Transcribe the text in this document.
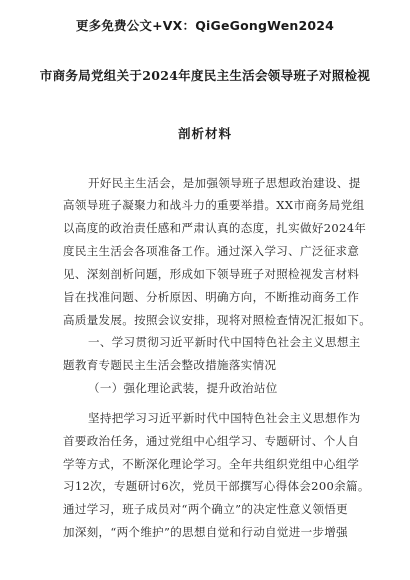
更多免费公文+VX：QiGeGongWen2024
市商务局党组关于2024年度民主生活会领导班子对照检视
剖析材料
开好民主生活会，是加强领导班子思想政治建设、提
高领导班子凝聚力和战斗力的重要举措。XX市商务局党组
以高度的政治责任感和严肃认真的态度，扎实做好2024年
度民主生活会各项准备工作。通过深入学习、广泛征求意
见、深刻剖析问题，形成如下领导班子对照检视发言材料
旨在找准问题、分析原因、明确方向，不断推动商务工作
高质量发展。按照会议安排，现将对照检查情况汇报如下。
一、学习贯彻习近平新时代中国特色社会主义思想主
题教育专题民主生活会整改措施落实情况
（一）强化理论武装，提升政治站位
坚持把学习习近平新时代中国特色社会主义思想作为
首要政治任务，通过党组中心组学习、专题研讨、个人自
学等方式，不断深化理论学习。全年共组织党组中心组学
习12次，专题研讨6次，党员干部撰写心得体会200余篇。
通过学习，班子成员对“两个确立”的决定性意义领悟更
加深刻，“两个维护”的思想自觉和行动自觉进一步增强
